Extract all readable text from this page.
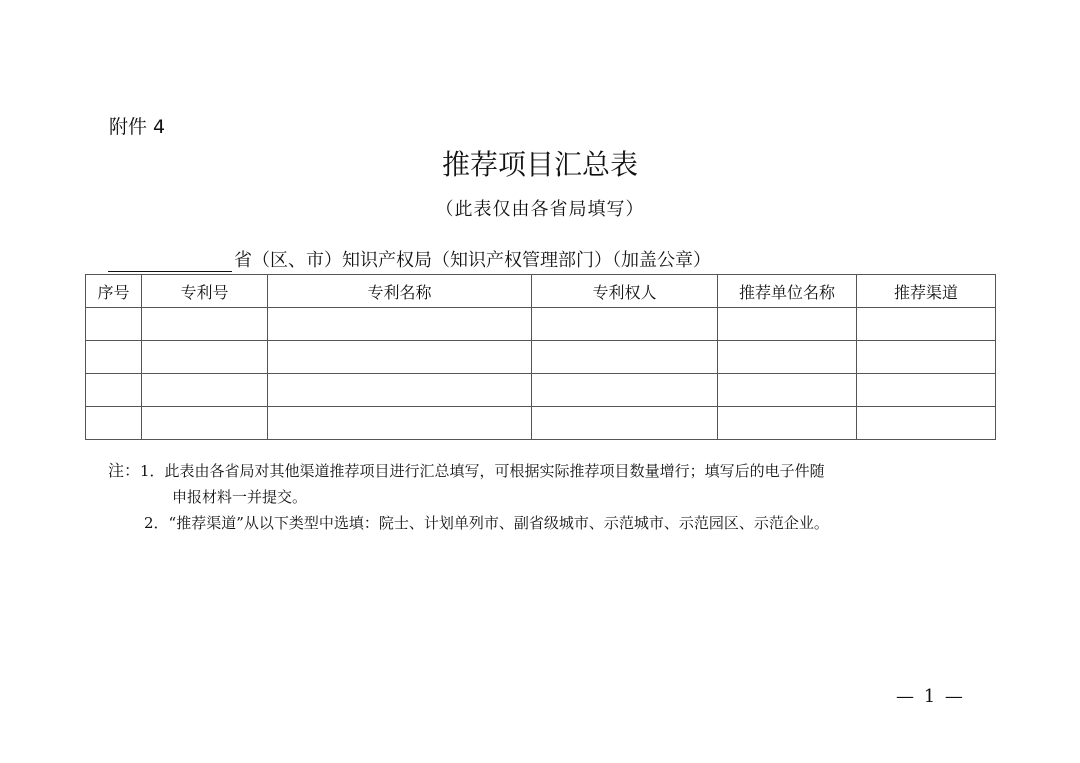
附件 4
推荐项目汇总表
（此表仅由各省局填写）
省（区、市）知识产权局（知识产权管理部门）（加盖公章）
序号	专利号	专利名称	专利权人	推荐单位名称	推荐渠道

注：1．此表由各省局对其他渠道推荐项目进行汇总填写，可根据实际推荐项目数量增行；填写后的电子件随
申报材料一并提交。
2．“推荐渠道”从以下类型中选填：院士、计划单列市、副省级城市、示范城市、示范园区、示范企业。
— 1 —
